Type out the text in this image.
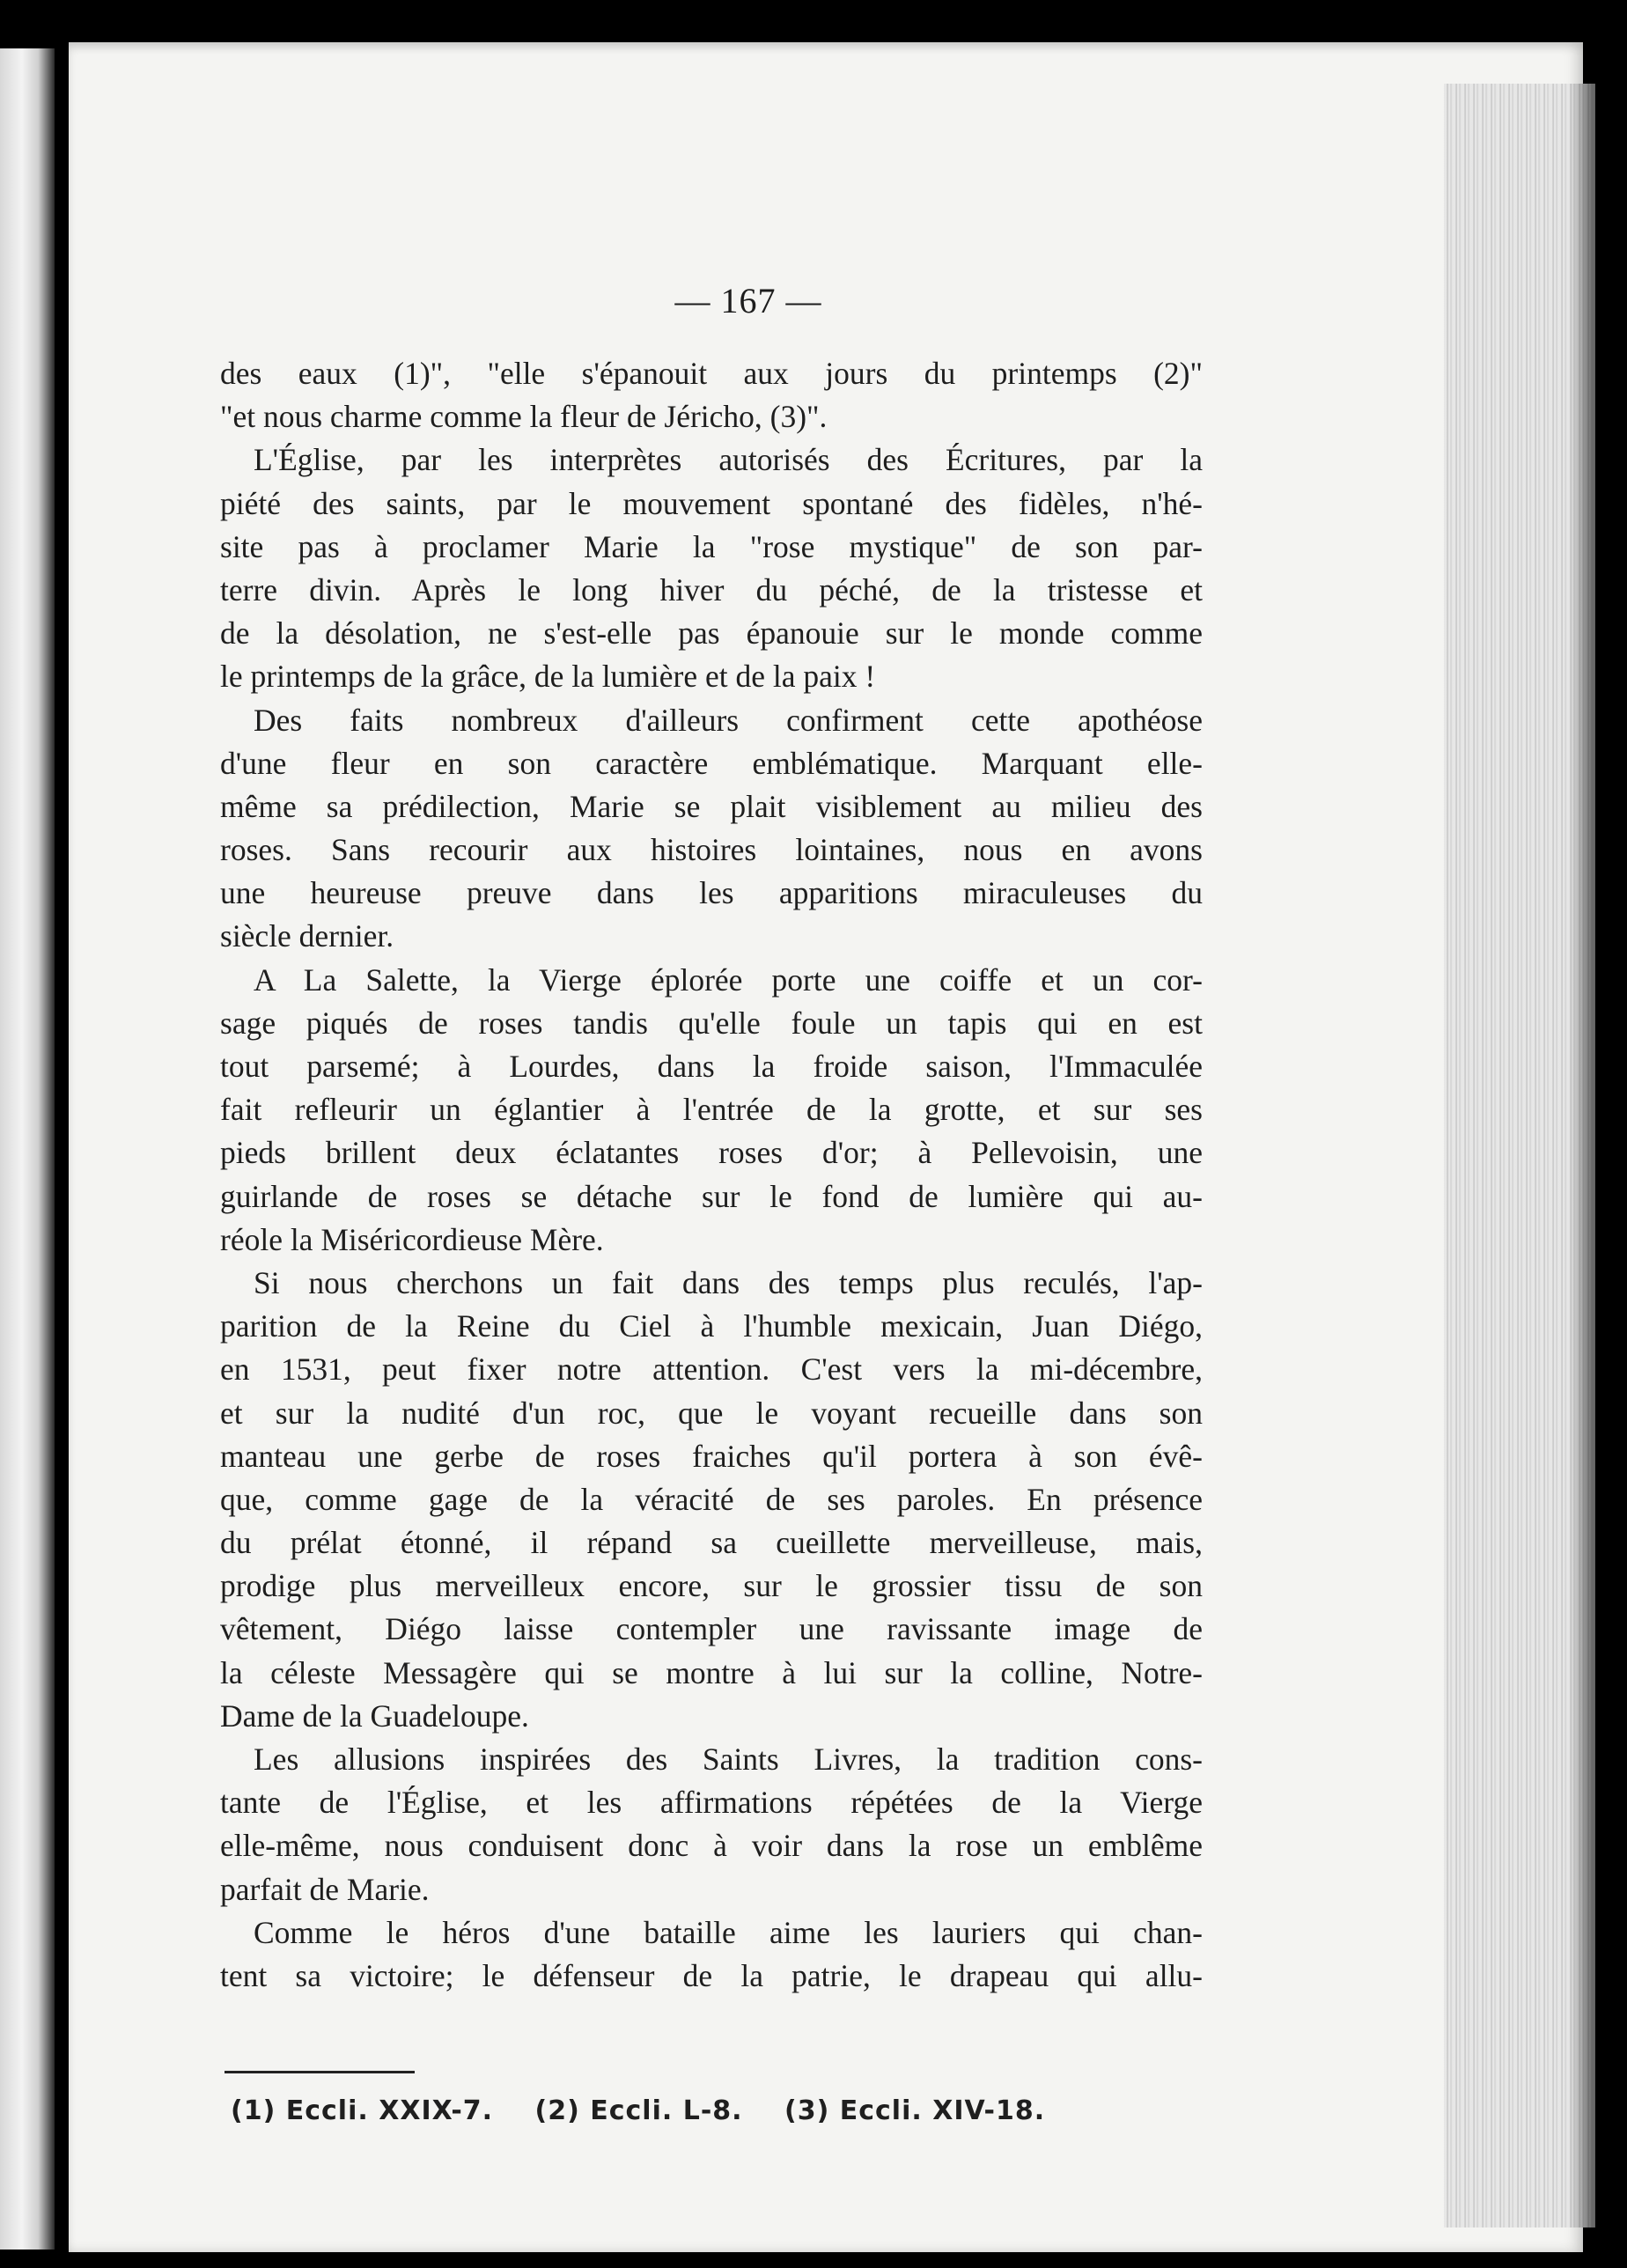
— 167 —
des eaux (1)", "elle s'épanouit aux jours du printemps (2)"
"et nous charme comme la fleur de Jéricho, (3)".
L'Église, par les interprètes autorisés des Écritures, par la
piété des saints, par le mouvement spontané des fidèles, n'hé-
site pas à proclamer Marie la "rose mystique" de son par-
terre divin. Après le long hiver du péché, de la tristesse et
de la désolation, ne s'est-elle pas épanouie sur le monde comme
le printemps de la grâce, de la lumière et de la paix !
Des faits nombreux d'ailleurs confirment cette apothéose
d'une fleur en son caractère emblématique. Marquant elle-
même sa prédilection, Marie se plait visiblement au milieu des
roses. Sans recourir aux histoires lointaines, nous en avons
une heureuse preuve dans les apparitions miraculeuses du
siècle dernier.
A La Salette, la Vierge éplorée porte une coiffe et un cor-
sage piqués de roses tandis qu'elle foule un tapis qui en est
tout parsemé; à Lourdes, dans la froide saison, l'Immaculée
fait refleurir un églantier à l'entrée de la grotte, et sur ses
pieds brillent deux éclatantes roses d'or; à Pellevoisin, une
guirlande de roses se détache sur le fond de lumière qui au-
réole la Miséricordieuse Mère.
Si nous cherchons un fait dans des temps plus reculés, l'ap-
parition de la Reine du Ciel à l'humble mexicain, Juan Diégo,
en 1531, peut fixer notre attention. C'est vers la mi-décembre,
et sur la nudité d'un roc, que le voyant recueille dans son
manteau une gerbe de roses fraiches qu'il portera à son évê-
que, comme gage de la véracité de ses paroles. En présence
du prélat étonné, il répand sa cueillette merveilleuse, mais,
prodige plus merveilleux encore, sur le grossier tissu de son
vêtement, Diégo laisse contempler une ravissante image de
la céleste Messagère qui se montre à lui sur la colline, Notre-
Dame de la Guadeloupe.
Les allusions inspirées des Saints Livres, la tradition cons-
tante de l'Église, et les affirmations répétées de la Vierge
elle-même, nous conduisent donc à voir dans la rose un emblême
parfait de Marie.
Comme le héros d'une bataille aime les lauriers qui chan-
tent sa victoire; le défenseur de la patrie, le drapeau qui allu-
(1) Eccli. XXIX-7. (2) Eccli. L-8. (3) Eccli. XIV-18.
